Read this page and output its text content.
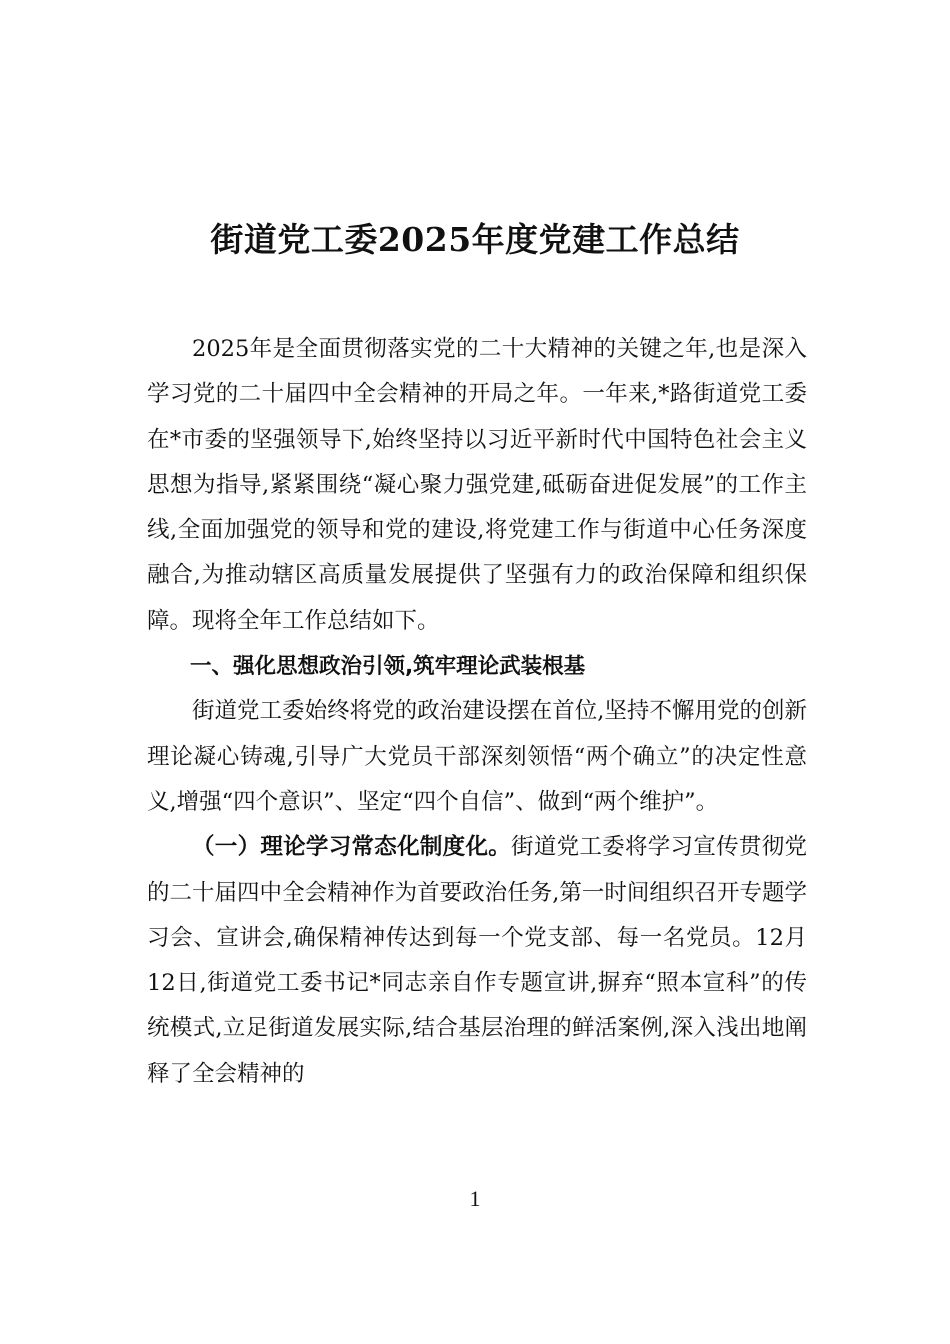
街道党工委2025年度党建工作总结

2025年是全面贯彻落实党的二十大精神的关键之年,也是深入学习党的二十届四中全会精神的开局之年。一年来,*路街道党工委在*市委的坚强领导下,始终坚持以习近平新时代中国特色社会主义思想为指导,紧紧围绕“凝心聚力强党建,砥砺奋进促发展”的工作主线,全面加强党的领导和党的建设,将党建工作与街道中心任务深度融合,为推动辖区高质量发展提供了坚强有力的政治保障和组织保障。现将全年工作总结如下。

一、强化思想政治引领,筑牢理论武装根基

街道党工委始终将党的政治建设摆在首位,坚持不懈用党的创新理论凝心铸魂,引导广大党员干部深刻领悟“两个确立”的决定性意义,增强“四个意识”、坚定“四个自信”、做到“两个维护”。

（一）理论学习常态化制度化。街道党工委将学习宣传贯彻党的二十届四中全会精神作为首要政治任务,第一时间组织召开专题学习会、宣讲会,确保精神传达到每一个党支部、每一名党员。12月12日,街道党工委书记*同志亲自作专题宣讲,摒弃“照本宣科”的传统模式,立足街道发展实际,结合基层治理的鲜活案例,深入浅出地阐释了全会精神的

1
